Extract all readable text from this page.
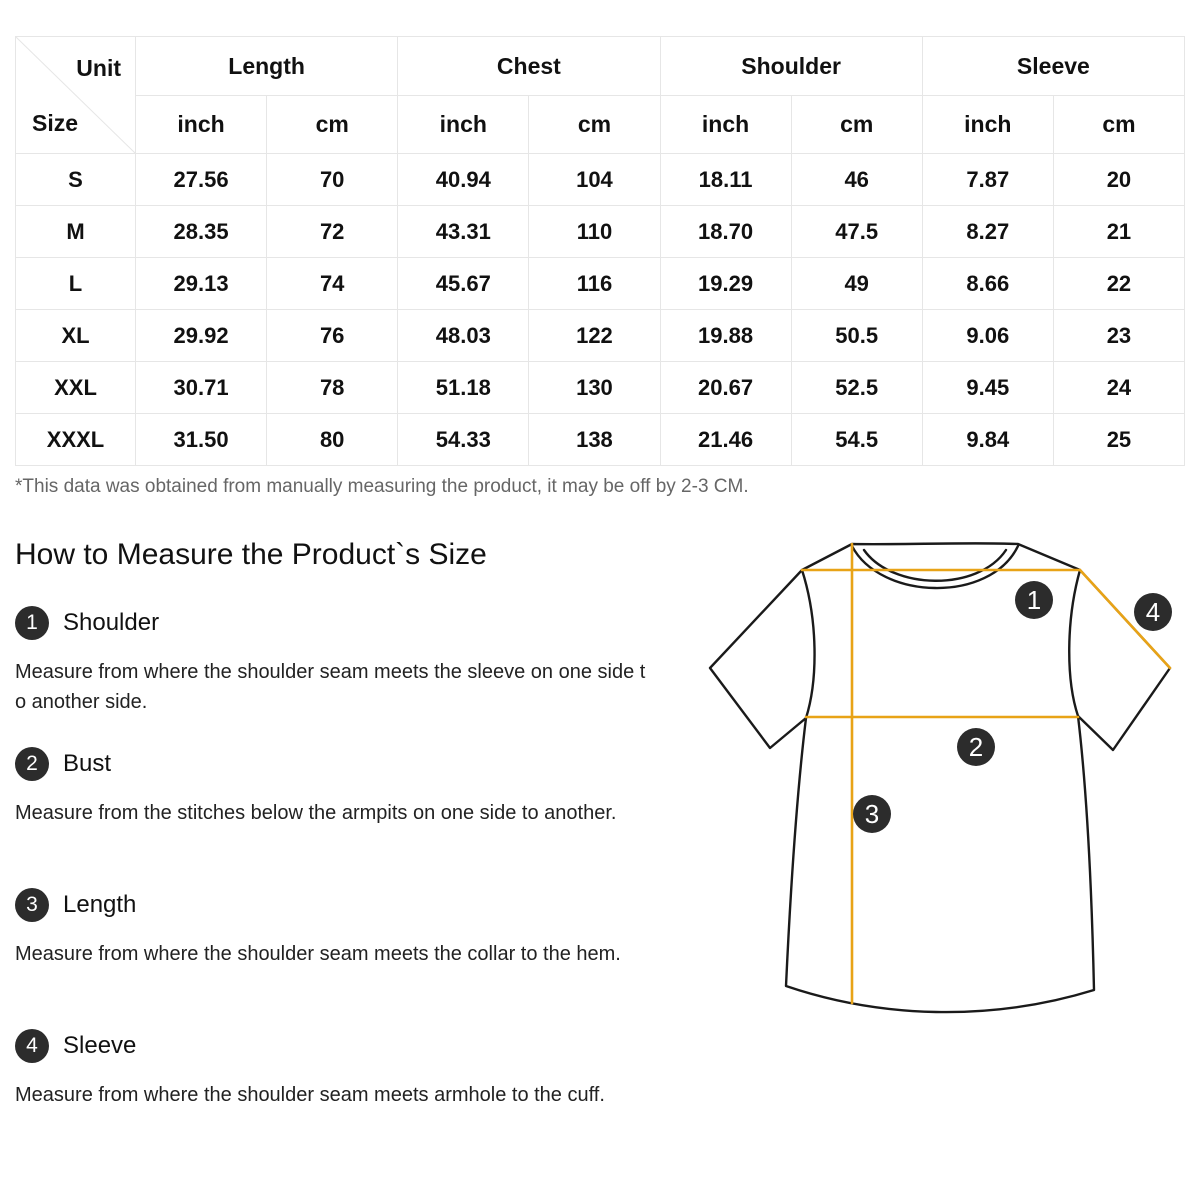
Unit
Size	Length		Chest		Shoulder		Sleeve	
	inch	cm	inch	cm	inch	cm	inch	cm
S	27.56	70	40.94	104	18.11	46	7.87	20
M	28.35	72	43.31	110	18.70	47.5	8.27	21
L	29.13	74	45.67	116	19.29	49	8.66	22
XL	29.92	76	48.03	122	19.88	50.5	9.06	23
XXL	30.71	78	51.18	130	20.67	52.5	9.45	24
XXXL	31.50	80	54.33	138	21.46	54.5	9.84	25
*This data was obtained from manually measuring the product, it may be off by 2-3 CM.
How to Measure the Product`s Size
1	Shoulder
Measure from where the shoulder seam meets the sleeve on one side to another side.
2	Bust
Measure from the stitches below the armpits on one side to another.
3	Length
Measure from where the shoulder seam meets the collar to the hem.
4	Sleeve
Measure from where the shoulder seam meets armhole to the cuff.
1
2
3
4
